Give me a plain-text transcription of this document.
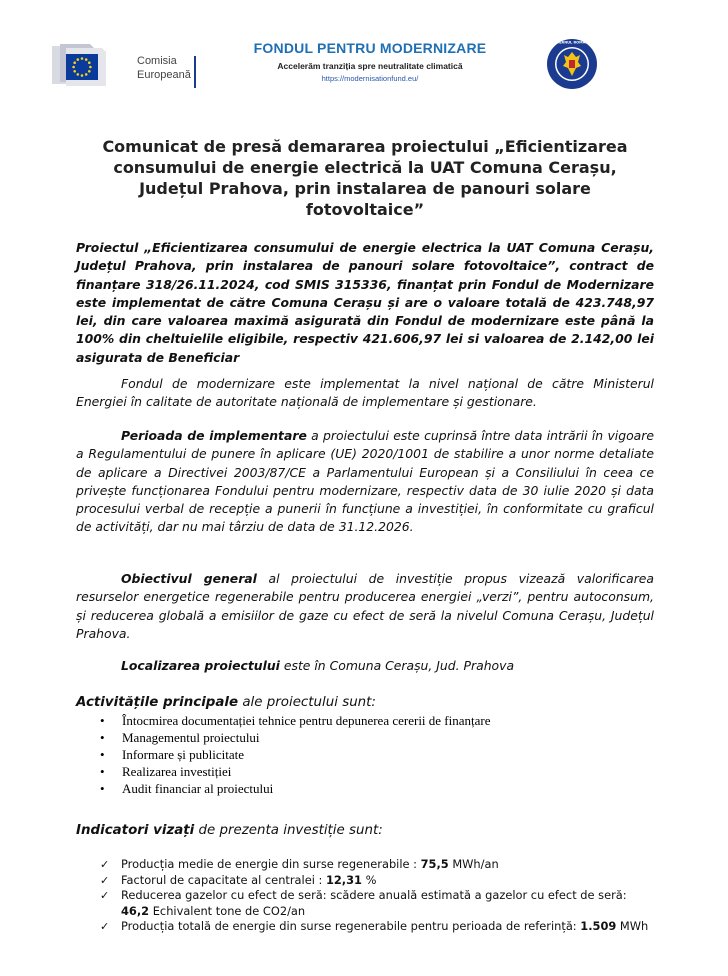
Comisia
Europeană
FONDUL PENTRU MODERNIZARE
Accelerăm tranziția spre neutralitate climatică
https://modernisationfund.eu/
GUVERNUL ROMÂNIEI
Comunicat de presă demararea proiectului „Eficientizarea consumului de energie electrică la UAT Comuna Cerașu, Județul Prahova, prin instalarea de panouri solare fotovoltaice”
Proiectul „Eficientizarea consumului de energie electrica la UAT Comuna Cerașu, Județul Prahova, prin instalarea de panouri solare fotovoltaice”, contract de finanțare 318/26.11.2024, cod SMIS 315336, finanțat prin Fondul de Modernizare este implementat de către Comuna Cerașu și are o valoare totală de 423.748,97 lei, din care valoarea maximă asigurată din Fondul de modernizare este până la 100% din cheltuielile eligibile, respectiv 421.606,97 lei si valoarea de 2.142,00 lei asigurata de Beneficiar
Fondul de modernizare este implementat la nivel național de către Ministerul Energiei în calitate de autoritate națională de implementare și gestionare.
Perioada de implementare a proiectului este cuprinsă între data intrării în vigoare a Regulamentului de punere în aplicare (UE) 2020/1001 de stabilire a unor norme detaliate de aplicare a Directivei 2003/87/CE a Parlamentului European și a Consiliului în ceea ce privește funcționarea Fondului pentru modernizare, respectiv data de 30 iulie 2020 și data procesului verbal de recepție a punerii în funcțiune a investiției, în conformitate cu graficul de activități, dar nu mai târziu de data de 31.12.2026.
Obiectivul general al proiectului de investiție propus vizează valorificarea resurselor energetice regenerabile pentru producerea energiei „verzi”, pentru autoconsum, și reducerea globală a emisiilor de gaze cu efect de seră la nivelul Comuna Cerașu, Județul Prahova.
Localizarea proiectului este în Comuna Cerașu, Jud. Prahova
Activitățile principale ale proiectului sunt:
• Întocmirea documentației tehnice pentru depunerea cererii de finanțare
• Managementul proiectului
• Informare și publicitate
• Realizarea investiției
• Audit financiar al proiectului
Indicatori vizați de prezenta investiție sunt:
✓ Producția medie de energie din surse regenerabile : 75,5 MWh/an
✓ Factorul de capacitate al centralei : 12,31 %
✓ Reducerea gazelor cu efect de seră: scădere anuală estimată a gazelor cu efect de seră: 46,2 Echivalent tone de CO2/an
✓ Producția totală de energie din surse regenerabile pentru perioada de referință: 1.509 MWh
